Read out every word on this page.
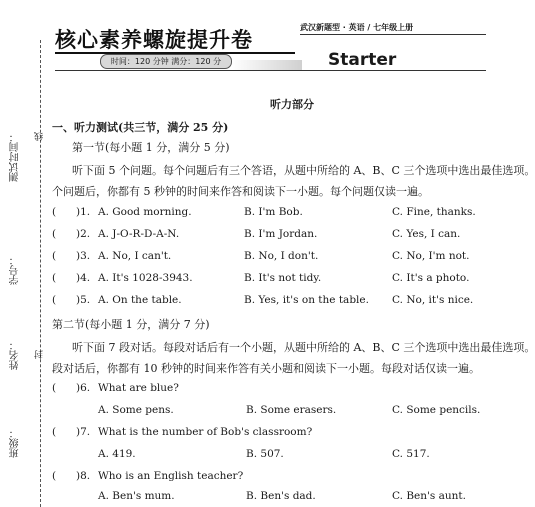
测试时间： 线
学号：
封
姓名：
班级：
核心素养螺旋提升卷
时间：120 分钟 满分：120 分
武汉新题型 · 英语 / 七年级上册
Starter
听力部分
一、听力测试(共三节，满分 25 分)
第一节(每小题 1 分，满分 5 分)
听下面 5 个问题。每个问题后有三个答语，从题中所给的 A、B、C 三个选项中选出最佳选项。
个问题后，你都有 5 秒钟的时间来作答和阅读下一小题。每个问题仅读一遍。
( )1. A. Good morning.	B. I'm Bob.	C. Fine, thanks.
( )2. A. J-O-R-D-A-N.	B. I'm Jordan.	C. Yes, I can.
( )3. A. No, I can't.	B. No, I don't.	C. No, I'm not.
( )4. A. It's 1028-3943.	B. It's not tidy.	C. It's a photo.
( )5. A. On the table.	B. Yes, it's on the table. C. No, it's nice.
第二节(每小题 1 分，满分 7 分)
听下面 7 段对话。每段对话后有一个小题，从题中所给的 A、B、C 三个选项中选出最佳选项。
段对话后，你都有 10 秒钟的时间来作答有关小题和阅读下一小题。每段对话仅读一遍。
( )6. What are blue?
A. Some pens.	B. Some erasers.	C. Some pencils.
( )7. What is the number of Bob's classroom?
A. 419.	B. 507.	C. 517.
( )8. Who is an English teacher?
A. Ben's mum.	B. Ben's dad.	C. Ben's aunt.
